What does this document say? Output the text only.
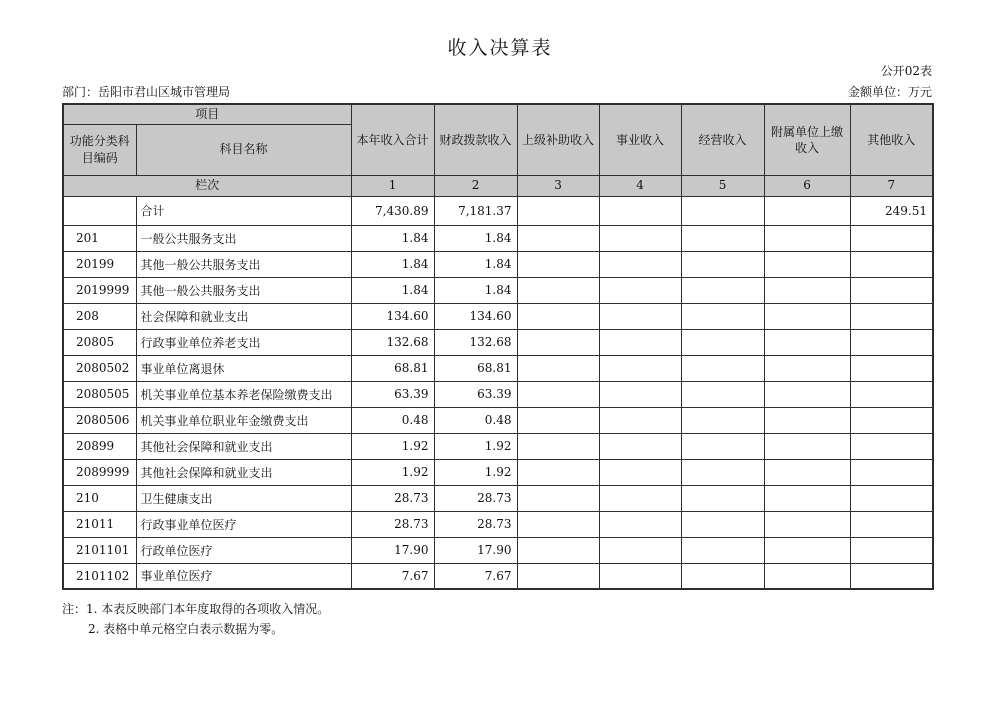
收入决算表
公开02表
部门：岳阳市君山区城市管理局	金额单位：万元
项目		本年收入合计	财政拨款收入	上级补助收入	事业收入	经营收入	附属单位上缴收入	其他收入
功能分类科目编码	科目名称							
栏次		1	2	3	4	5	6	7
	合计	7,430.89	7,181.37					249.51
201	一般公共服务支出	1.84	1.84					
20199	其他一般公共服务支出	1.84	1.84					
2019999	其他一般公共服务支出	1.84	1.84					
208	社会保障和就业支出	134.60	134.60					
20805	行政事业单位养老支出	132.68	132.68					
2080502	事业单位离退休	68.81	68.81					
2080505	机关事业单位基本养老保险缴费支出	63.39	63.39					
2080506	机关事业单位职业年金缴费支出	0.48	0.48					
20899	其他社会保障和就业支出	1.92	1.92					
2089999	其他社会保障和就业支出	1.92	1.92					
210	卫生健康支出	28.73	28.73					
21011	行政事业单位医疗	28.73	28.73					
2101101	行政单位医疗	17.90	17.90					
2101102	事业单位医疗	7.67	7.67					
注：1. 本表反映部门本年度取得的各项收入情况。
2. 表格中单元格空白表示数据为零。
